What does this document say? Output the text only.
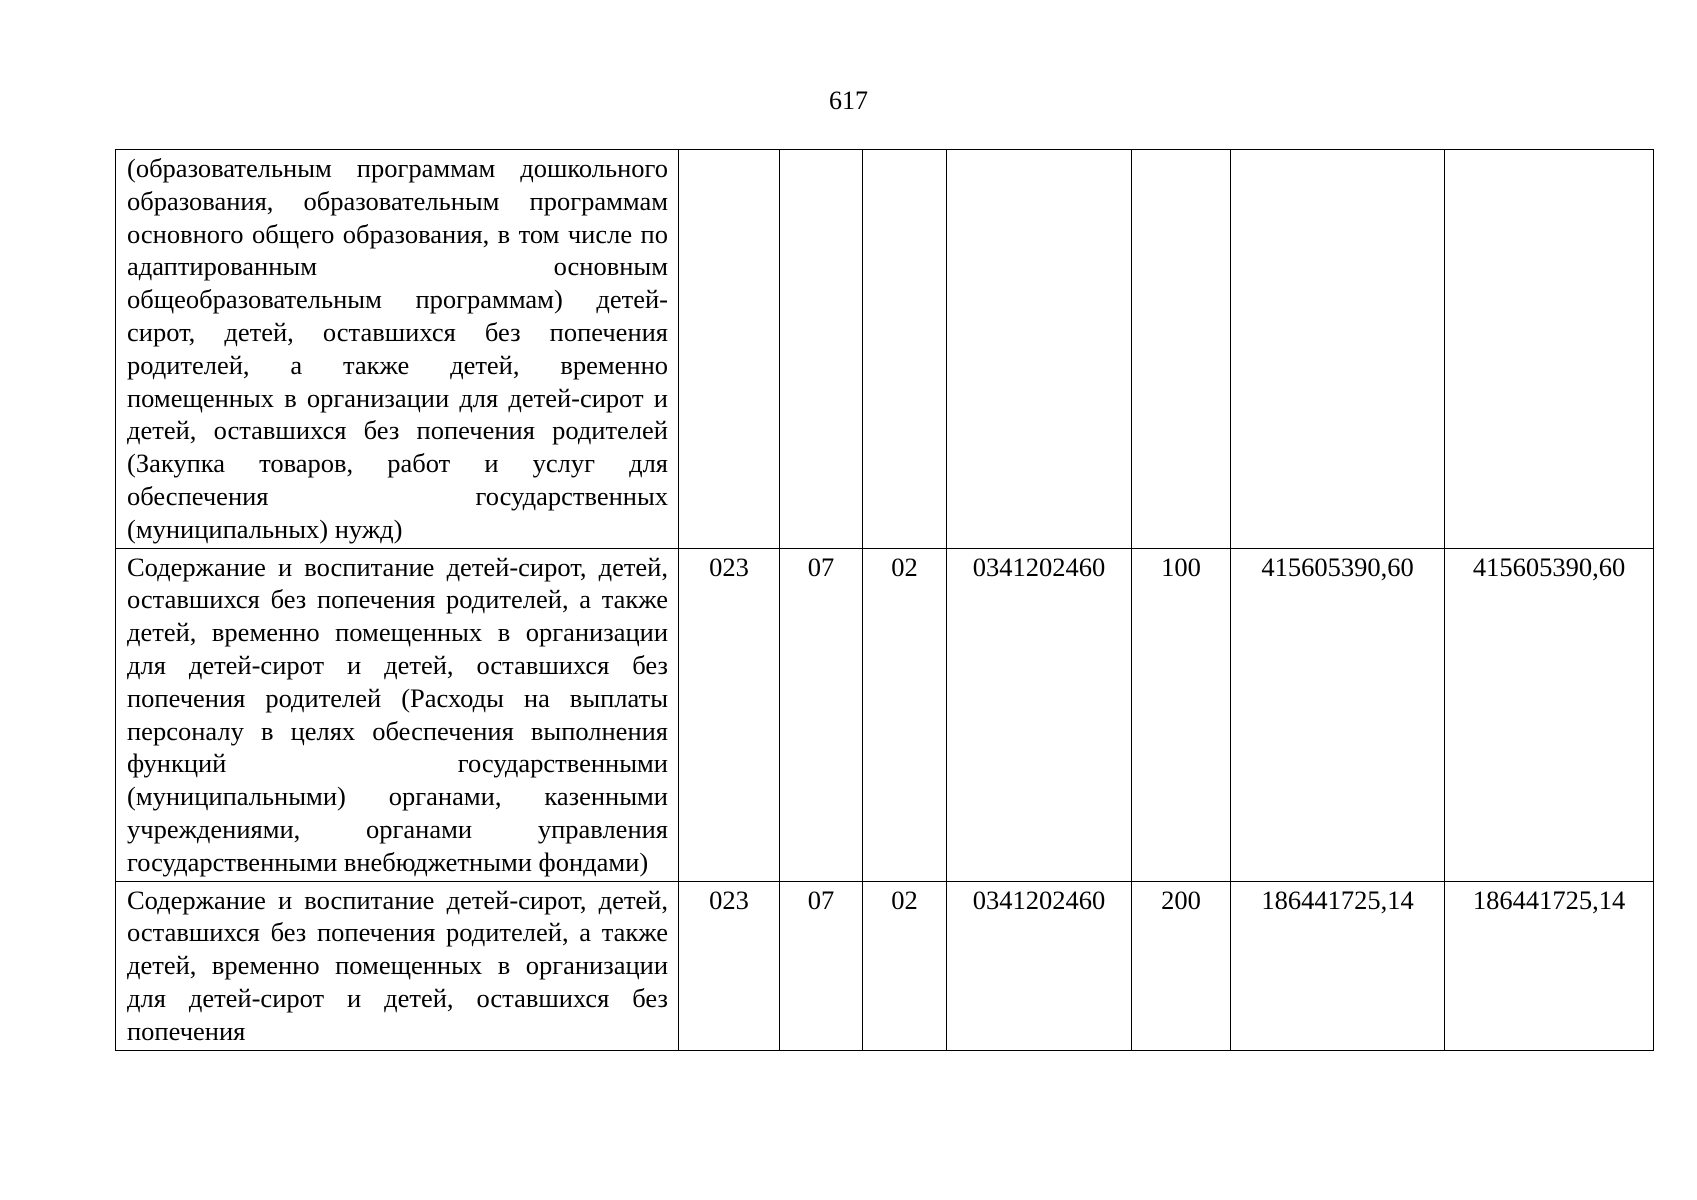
617
(образовательным программам дошкольного образования, образовательным программам основного общего образования, в том числе по адаптированным основным общеобразовательным программам) детей-сирот, детей, оставшихся без попечения родителей, а также детей, временно помещенных в организации для детей-сирот и детей, оставшихся без попечения родителей (Закупка товаров, работ и услуг для обеспечения государственных (муниципальных) нужд)							
Содержание и воспитание детей-сирот, детей, оставшихся без попечения родителей, а также детей, временно помещенных в организации для детей-сирот и детей, оставшихся без попечения родителей (Расходы на выплаты персоналу в целях обеспечения выполнения функций государственными (муниципальными) органами, казенными учреждениями, органами управления государственными внебюджетными фондами)	023	07	02	0341202460	100	415605390,60	415605390,60
Содержание и воспитание детей-сирот, детей, оставшихся без попечения родителей, а также детей, временно помещенных в организации для детей-сирот и детей, оставшихся без попечения	023	07	02	0341202460	200	186441725,14	186441725,14
